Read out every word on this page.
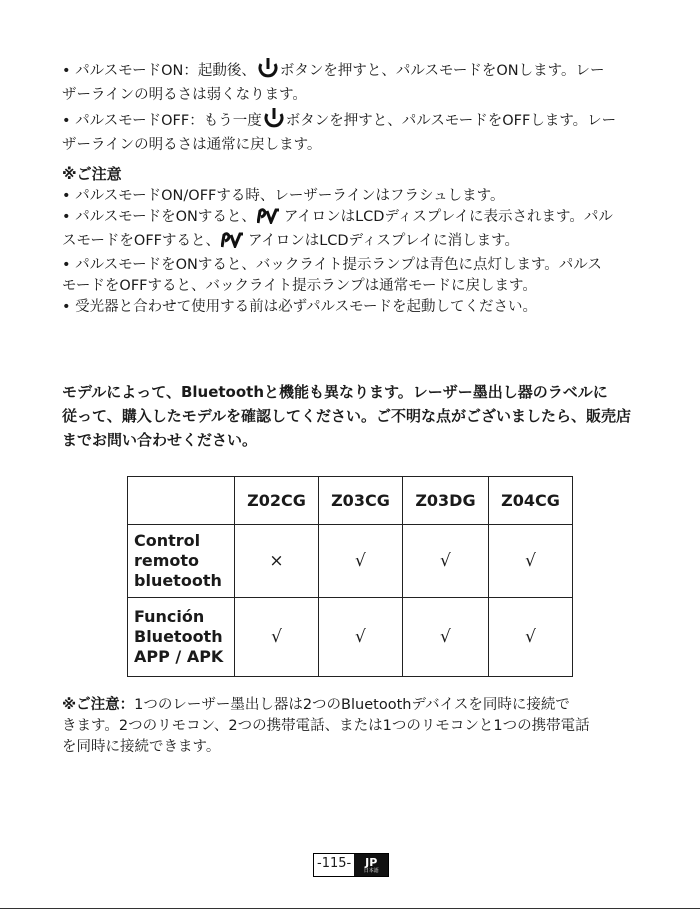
• パルスモードON：起動後、 ボタンを押すと、パルスモードをONします。レー
ザーラインの明るさは弱くなります。
• パルスモードOFF：もう一度 ボタンを押すと、パルスモードをOFFします。レー
ザーラインの明るさは通常に戻します。
※ご注意
• パルスモードON/OFFする時、レーザーラインはフラシュします。
• パルスモードをONすると、 アイロンはLCDディスプレイに表示されます。パル
スモードをOFFすると、 アイロンはLCDディスプレイに消します。
• パルスモードをONすると、バックライト提示ランプは青色に点灯します。パルス
モードをOFFすると、バックライト提示ランプは通常モードに戻します。
• 受光器と合わせて使用する前は必ずパルスモードを起動してください。
モデルによって、Bluetoothと機能も異なります。レーザー墨出し器のラベルに
従って、購入したモデルを確認してください。ご不明な点がございましたら、販売店
までお問い合わせください。
	Z02CG	Z03CG	Z03DG	Z04CG

Control
remoto
bluetooth	×	√	√	√

Función
Bluetooth
APP / APK	√	√	√	√
※ご注意：1つのレーザー墨出し器は2つのBluetoothデバイスを同時に接続で
きます。2つのリモコン、2つの携帯電話、または1つのリモコンと1つの携帯電話
を同時に接続できます。
-115- JP
日本語
